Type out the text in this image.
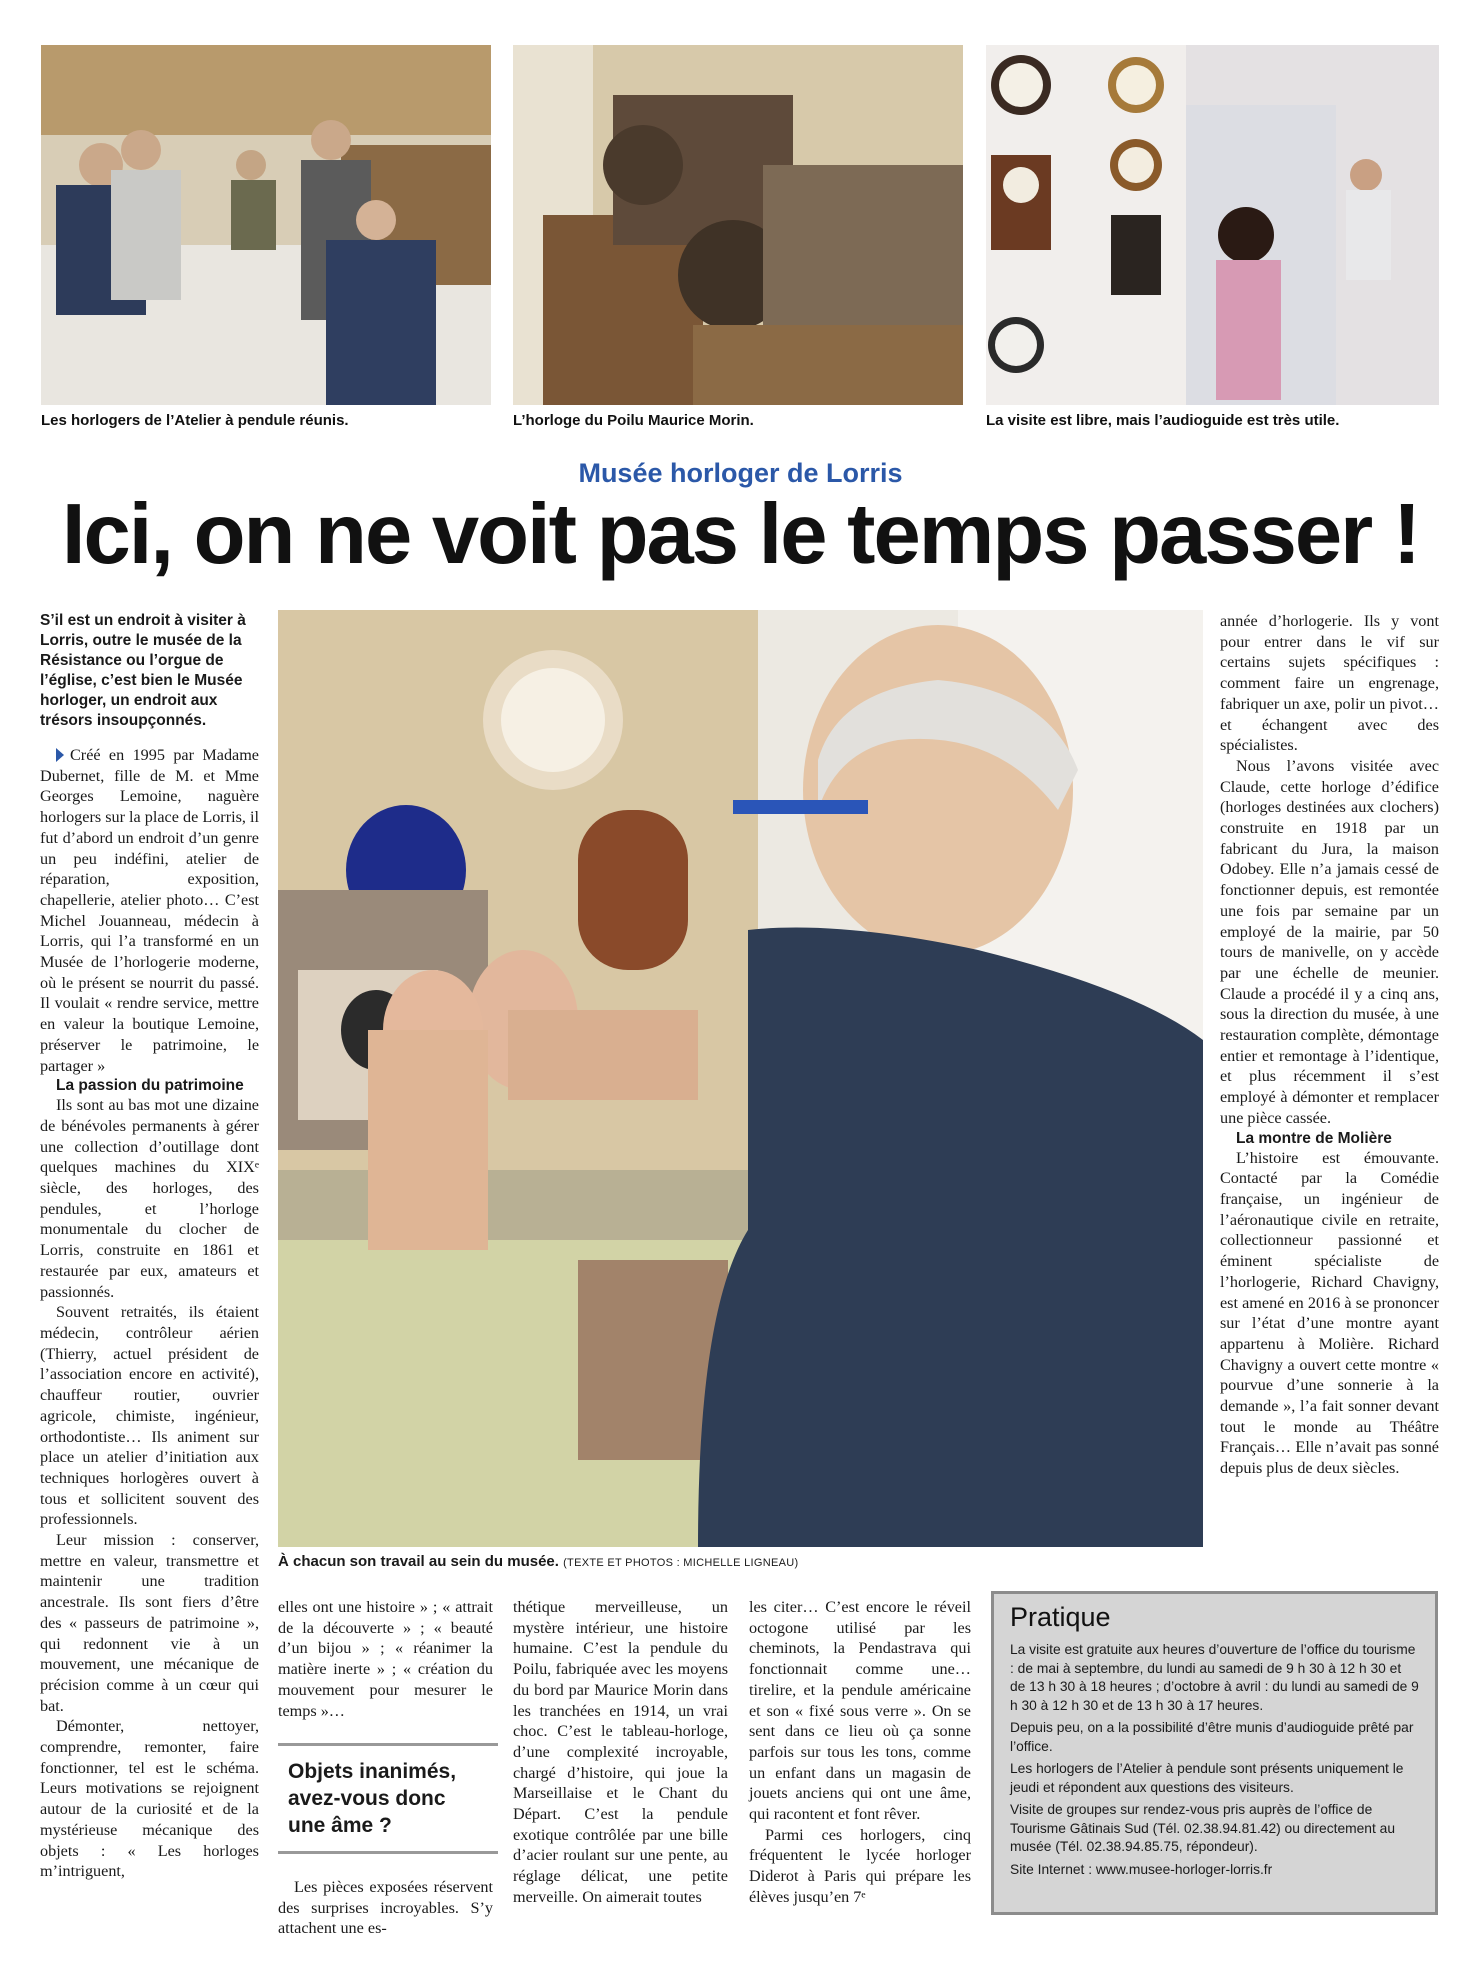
Les horlogers de l’Atelier à pendule réunis.	L’horloge du Poilu Maurice Morin.	La visite est libre, mais l’audioguide est très utile.
Musée horloger de Lorris
Ici, on ne voit pas le temps passer !
À chacun son travail au sein du musée. (TEXTE ET PHOTOS : MICHELLE LIGNEAU)

S’il est un endroit à visiter à Lorris, outre le musée de la Résistance ou l’orgue de l’église, c’est bien le Musée horloger, un endroit aux trésors insoupçonnés.

Créé en 1995 par Madame Dubernet, fille de M. et Mme Georges Lemoine, naguère horlogers sur la place de Lorris, il fut d’abord un endroit d’un genre un peu indéfini, atelier de réparation, exposition, chapellerie, atelier photo… C’est Michel Jouanneau, médecin à Lorris, qui l’a transformé en un Musée de l’horlogerie moderne, où le présent se nourrit du passé. Il voulait « rendre service, mettre en valeur la boutique Lemoine, préserver le patrimoine, le partager »

La passion du patrimoine

Ils sont au bas mot une dizaine de bénévoles permanents à gérer une collection d’outillage dont quelques machines du XIXᵉ siècle, des horloges, des pendules, et l’horloge monumentale du clocher de Lorris, construite en 1861 et restaurée par eux, amateurs et passionnés.

Souvent retraités, ils étaient médecin, contrôleur aérien (Thierry, actuel président de l’association encore en activité), chauffeur routier, ouvrier agricole, chimiste, ingénieur, orthodontiste… Ils animent sur place un atelier d’initiation aux techniques horlogères ouvert à tous et sollicitent souvent des professionnels.

Leur mission : conserver, mettre en valeur, transmettre et maintenir une tradition ancestrale. Ils sont fiers d’être des « passeurs de patrimoine », qui redonnent vie à un mouvement, une mécanique de précision comme à un cœur qui bat.

Démonter, nettoyer, comprendre, remonter, faire fonctionner, tel est le schéma. Leurs motivations se rejoignent autour de la curiosité et de la mystérieuse mécanique des objets : « Les horloges m’intriguent,

elles ont une histoire » ; « attrait de la découverte » ; « beauté d’un bijou » ; « réanimer la matière inerte » ; « création du mouvement pour mesurer le temps »…

Objets inanimés, avez-vous donc une âme ?

Les pièces exposées réservent des surprises incroyables. S’y attachent une es-

thétique merveilleuse, un mystère intérieur, une histoire humaine. C’est la pendule du Poilu, fabriquée avec les moyens du bord par Maurice Morin dans les tranchées en 1914, un vrai choc. C’est le tableau-horloge, d’une complexité incroyable, chargé d’histoire, qui joue la Marseillaise et le Chant du Départ. C’est la pendule exotique contrôlée par une bille d’acier roulant sur une pente, au réglage délicat, une petite merveille. On aimerait toutes

les citer… C’est encore le réveil octogone utilisé par les cheminots, la Pendastrava qui fonctionnait comme une… tirelire, et la pendule américaine et son « fixé sous verre ». On se sent dans ce lieu où ça sonne parfois sur tous les tons, comme un enfant dans un magasin de jouets anciens qui ont une âme, qui racontent et font rêver.

Parmi ces horlogers, cinq fréquentent le lycée horloger Diderot à Paris qui prépare les élèves jusqu’en 7ᵉ

année d’horlogerie. Ils y vont pour entrer dans le vif sur certains sujets spécifiques : comment faire un engrenage, fabriquer un axe, polir un pivot… et échangent avec des spécialistes.

Nous l’avons visitée avec Claude, cette horloge d’édifice (horloges destinées aux clochers) construite en 1918 par un fabricant du Jura, la maison Odobey. Elle n’a jamais cessé de fonctionner depuis, est remontée une fois par semaine par un employé de la mairie, par 50 tours de manivelle, on y accède par une échelle de meunier. Claude a procédé il y a cinq ans, sous la direction du musée, à une restauration complète, démontage entier et remontage à l’identique, et plus récemment il s’est employé à démonter et remplacer une pièce cassée.

La montre de Molière

L’histoire est émouvante. Contacté par la Comédie française, un ingénieur de l’aéronautique civile en retraite, collectionneur passionné et éminent spécialiste de l’horlogerie, Richard Chavigny, est amené en 2016 à se prononcer sur l’état d’une montre ayant appartenu à Molière. Richard Chavigny a ouvert cette montre « pourvue d’une sonnerie à la demande », l’a fait sonner devant tout le monde au Théâtre Français… Elle n’avait pas sonné depuis plus de deux siècles.

Pratique

La visite est gratuite aux heures d’ouverture de l’office du tourisme : de mai à septembre, du lundi au samedi de 9 h 30 à 12 h 30 et de 13 h 30 à 18 heures ; d’octobre à avril : du lundi au samedi de 9 h 30 à 12 h 30 et de 13 h 30 à 17 heures.

Depuis peu, on a la possibilité d’être munis d’audioguide prêté par l’office.

Les horlogers de l’Atelier à pendule sont présents uniquement le jeudi et répondent aux questions des visiteurs.

Visite de groupes sur rendez-vous pris auprès de l’office de Tourisme Gâtinais Sud (Tél. 02.38.94.81.42) ou directement au musée (Tél. 02.38.94.85.75, répondeur).

Site Internet : www.musee-horloger-lorris.fr
